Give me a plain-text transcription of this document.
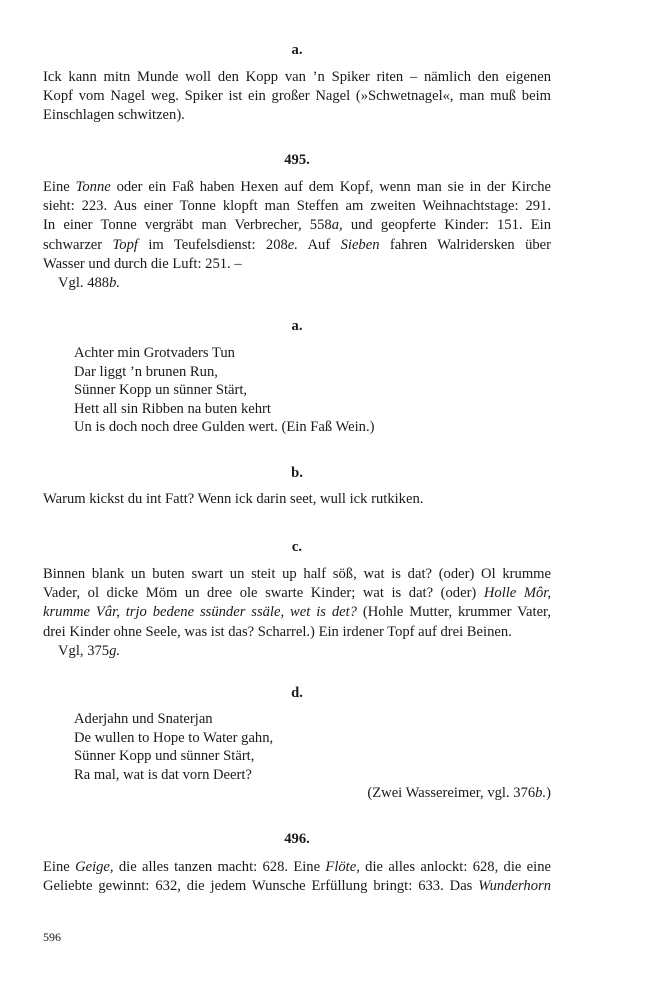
a.
Ick kann mitn Munde woll den Kopp van ’n Spiker riten – nämlich den eigenen
Kopf vom Nagel weg. Spiker ist ein großer Nagel (»Schwetnagel«, man muß beim
Einschlagen schwitzen).
495.
Eine Tonne oder ein Faß haben Hexen auf dem Kopf, wenn man sie in der Kirche
sieht: 223. Aus einer Tonne klopft man Steffen am zweiten Weihnachtstage: 291.
In einer Tonne vergräbt man Verbrecher, 558a, und geopferte Kinder: 151. Ein
schwarzer Topf im Teufelsdienst: 208e. Auf Sieben fahren Walridersken über
Wasser und durch die Luft: 251. –
Vgl. 488b.
a.
Achter min Grotvaders Tun
Dar liggt ’n brunen Run,
Sünner Kopp un sünner Stärt,
Hett all sin Ribben na buten kehrt
Un is doch noch dree Gulden wert. (Ein Faß Wein.)
b.
Warum kickst du int Fatt? Wenn ick darin seet, wull ick rutkiken.
c.
Binnen blank un buten swart un steit up half söß, wat is dat? (oder) Ol krumme
Vader, ol dicke Möm un dree ole swarte Kinder; wat is dat? (oder) Holle Môr,
krumme Vâr, trjo bedene ssünder ssäle, wet is det? (Hohle Mutter, krummer Vater,
drei Kinder ohne Seele, was ist das? Scharrel.) Ein irdener Topf auf drei Beinen.
Vgl, 375g.
d.
Aderjahn und Snaterjan
De wullen to Hope to Water gahn,
Sünner Kopp und sünner Stärt,
Ra mal, wat is dat vorn Deert?
(Zwei Wassereimer, vgl. 376b.)
496.
Eine Geige, die alles tanzen macht: 628. Eine Flöte, die alles anlockt: 628, die eine
Geliebte gewinnt: 632, die jedem Wunsche Erfüllung bringt: 633. Das Wunderhorn
596
